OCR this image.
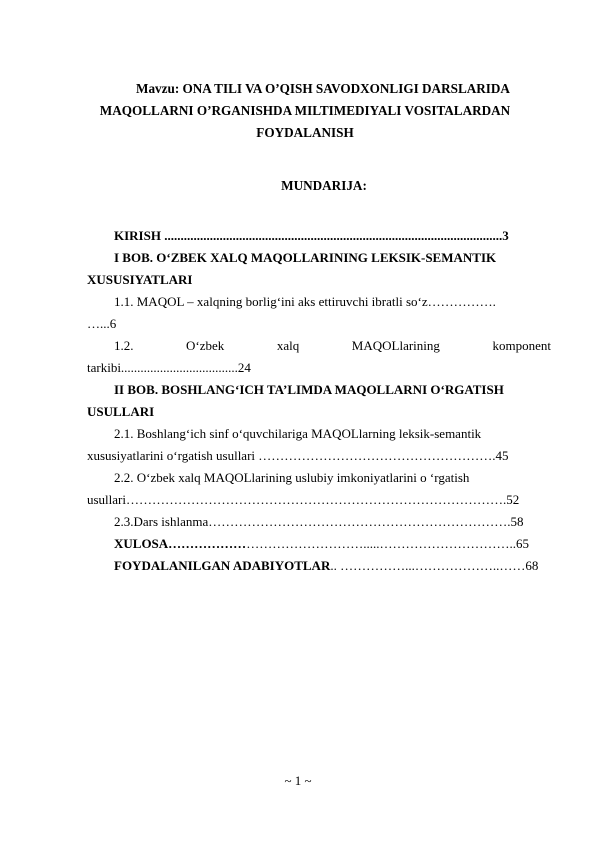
Mavzu: ONA TILI VA O’QISH SAVODXONLIGI DARSLARIDA
MAQOLLARNI O’RGANISHDA MILTIMEDIYALI VOSITALARDAN
FOYDALANISH
MUNDARIJA:
KIRISH ........................................................................................................3
I BOB. O‘ZBEK XALQ MAQOLLARINING LEKSIK-SEMANTIK
XUSUSIYATLARI
1.1. MAQOL – xalqning borlig‘ini aks ettiruvchi ibratli so‘z…………….
…...6
1.2.	O‘zbek	xalq	MAQOLlarining	komponent
tarkibi....................................24
II BOB. BOSHLANG‘ICH TA’LIMDA MAQOLLARNI O‘RGATISH
USULLARI
2.1. Boshlang‘ich sinf o‘quvchilariga MAQOLlarning leksik-semantik
xususiyatlarini o‘rgatish usullari ……………………………………………….45
2.2. O‘zbek xalq MAQOLlarining uslubiy imkoniyatlarini o ‘rgatish
usullari…………………………………………………………………………….52
2.3.Dars ishlanma…………………………………………………………….58
XULOSA……………………………………….....…………………………..65
FOYDALANILGAN ADABIYOTLAR.. ……………...………………..……68
~ 1 ~
